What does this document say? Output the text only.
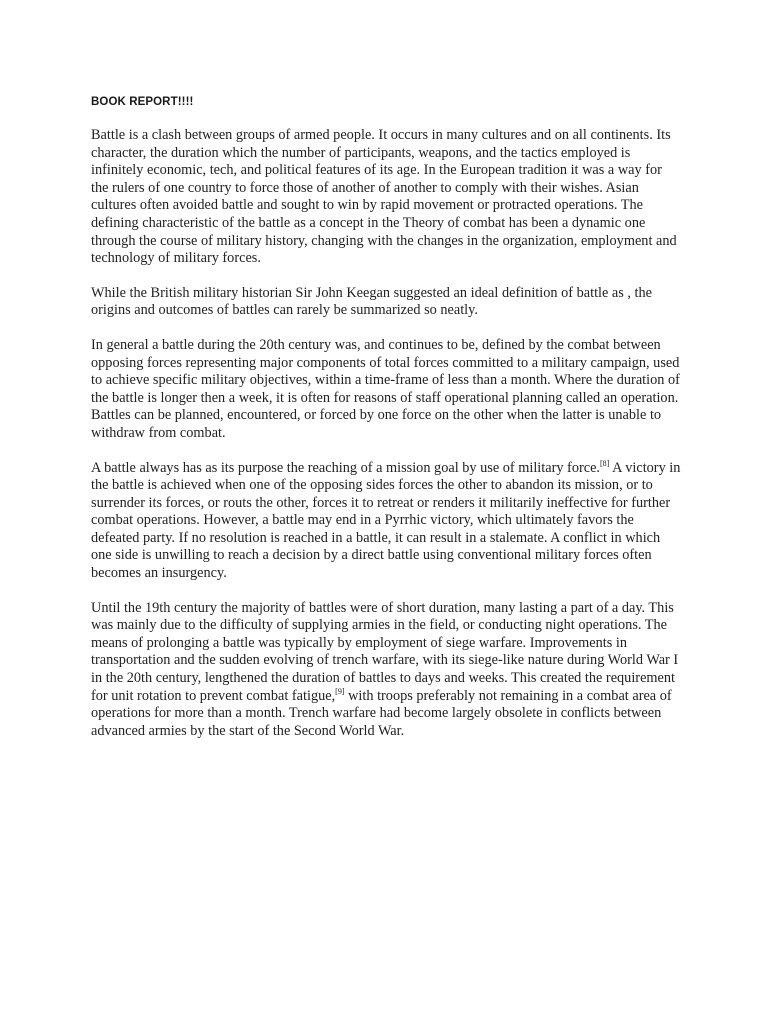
BOOK REPORT!!!!

Battle is a clash between groups of armed people. It occurs in many cultures and on all continents. Its character, the duration which the number of participants, weapons, and the tactics employed is infinitely economic, tech, and political features of its age. In the European tradition it was a way for the rulers of one country to force those of another of another to comply with their wishes. Asian cultures often avoided battle and sought to win by rapid movement or protracted operations. The defining characteristic of the battle as a concept in the Theory of combat has been a dynamic one through the course of military history, changing with the changes in the organization, employment and technology of military forces.

While the British military historian Sir John Keegan suggested an ideal definition of battle as , the origins and outcomes of battles can rarely be summarized so neatly.

In general a battle during the 20th century was, and continues to be, defined by the combat between opposing forces representing major components of total forces committed to a military campaign, used to achieve specific military objectives, within a time-frame of less than a month. Where the duration of the battle is longer then a week, it is often for reasons of staff operational planning called an operation. Battles can be planned, encountered, or forced by one force on the other when the latter is unable to withdraw from combat.

A battle always has as its purpose the reaching of a mission goal by use of military force.[8] A victory in the battle is achieved when one of the opposing sides forces the other to abandon its mission, or to surrender its forces, or routs the other, forces it to retreat or renders it militarily ineffective for further combat operations. However, a battle may end in a Pyrrhic victory, which ultimately favors the defeated party. If no resolution is reached in a battle, it can result in a stalemate. A conflict in which one side is unwilling to reach a decision by a direct battle using conventional military forces often becomes an insurgency.

Until the 19th century the majority of battles were of short duration, many lasting a part of a day. This was mainly due to the difficulty of supplying armies in the field, or conducting night operations. The means of prolonging a battle was typically by employment of siege warfare. Improvements in transportation and the sudden evolving of trench warfare, with its siege-like nature during World War I in the 20th century, lengthened the duration of battles to days and weeks. This created the requirement for unit rotation to prevent combat fatigue,[9] with troops preferably not remaining in a combat area of operations for more than a month. Trench warfare had become largely obsolete in conflicts between advanced armies by the start of the Second World War.
